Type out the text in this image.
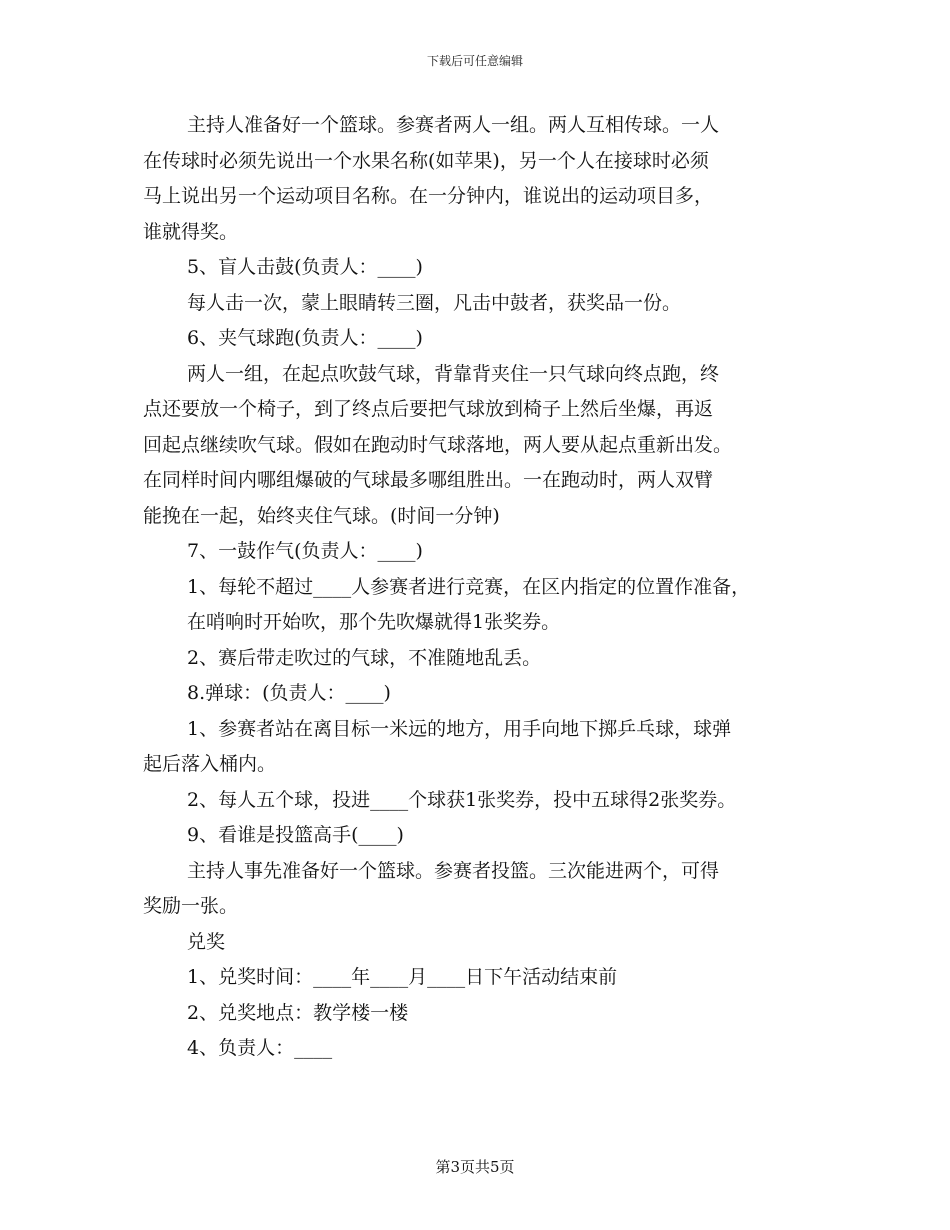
下载后可任意编辑
主持人准备好一个篮球。参赛者两人一组。两人互相传球。一人
在传球时必须先说出一个水果名称(如苹果)，另一个人在接球时必须
马上说出另一个运动项目名称。在一分钟内，谁说出的运动项目多，
谁就得奖。
5、盲人击鼓(负责人：____)
每人击一次，蒙上眼睛转三圈，凡击中鼓者，获奖品一份。
6、夹气球跑(负责人：____)
两人一组，在起点吹鼓气球，背靠背夹住一只气球向终点跑，终
点还要放一个椅子，到了终点后要把气球放到椅子上然后坐爆，再返
回起点继续吹气球。假如在跑动时气球落地，两人要从起点重新出发。
在同样时间内哪组爆破的气球最多哪组胜出。一在跑动时，两人双臂
能挽在一起，始终夹住气球。(时间一分钟)
7、一鼓作气(负责人：____)
1、每轮不超过____人参赛者进行竞赛，在区内指定的位置作准备，
在哨响时开始吹，那个先吹爆就得1张奖券。
2、赛后带走吹过的气球，不准随地乱丢。
8.弹球：(负责人：____)
1、参赛者站在离目标一米远的地方，用手向地下掷乒乓球，球弹
起后落入桶内。
2、每人五个球，投进____个球获1张奖券，投中五球得2张奖券。
9、看谁是投篮高手(____)
主持人事先准备好一个篮球。参赛者投篮。三次能进两个，可得
奖励一张。
兑奖
1、兑奖时间：____年____月____日下午活动结束前
2、兑奖地点：教学楼一楼
4、负责人：____
第3页共5页
